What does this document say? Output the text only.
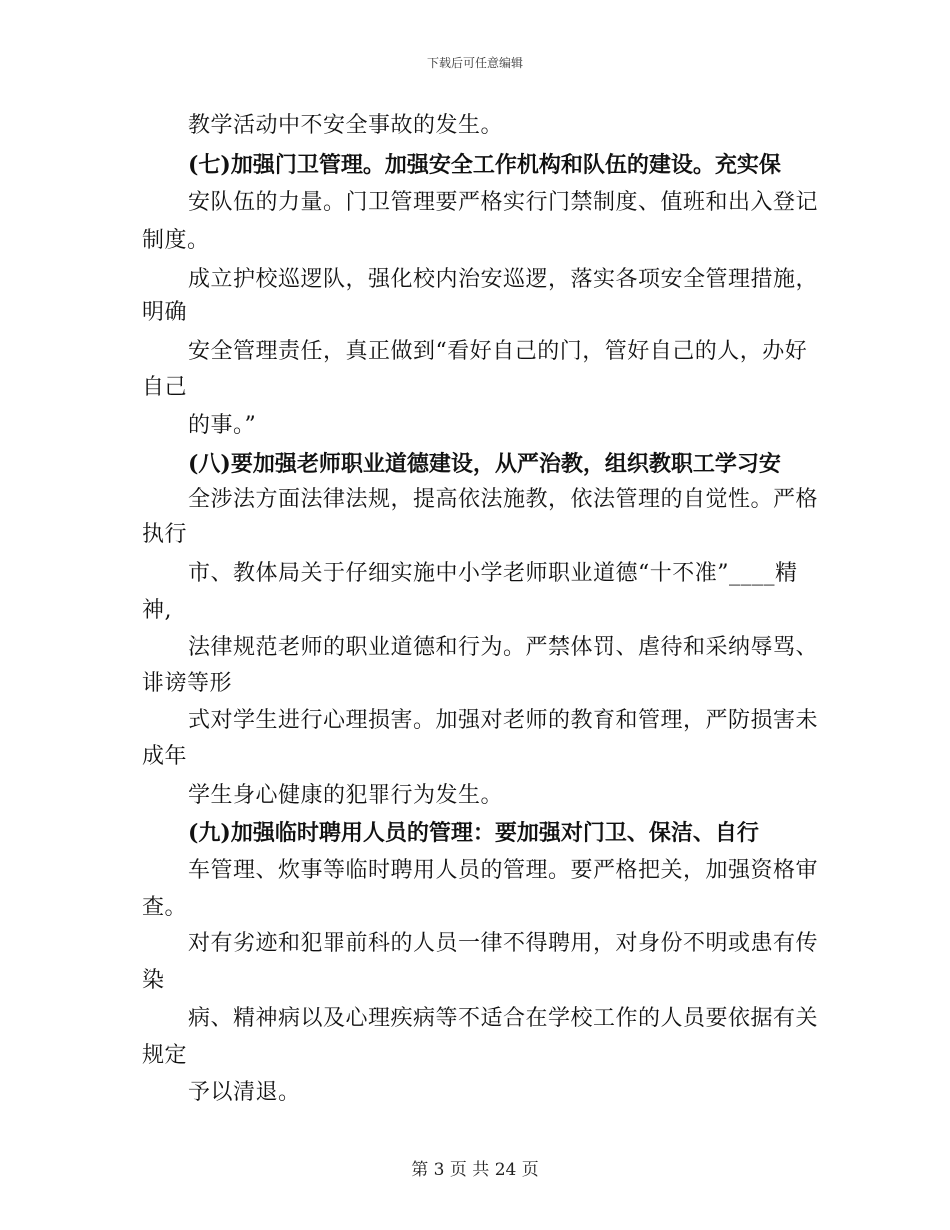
下载后可任意编辑
教学活动中不安全事故的发生。
(七)加强门卫管理。加强安全工作机构和队伍的建设。充实保
安队伍的力量。门卫管理要严格实行门禁制度、值班和出入登记
制度。
成立护校巡逻队，强化校内治安巡逻，落实各项安全管理措施，
明确
安全管理责任，真正做到“看好自己的门，管好自己的人，办好
自己
的事。”
(八)要加强老师职业道德建设，从严治教，组织教职工学习安
全涉法方面法律法规，提高依法施教，依法管理的自觉性。严格
执行
市、教体局关于仔细实施中小学老师职业道德“十不准”____精
神,
法律规范老师的职业道德和行为。严禁体罚、虐待和采纳辱骂、
诽谤等形
式对学生进行心理损害。加强对老师的教育和管理，严防损害未
成年
学生身心健康的犯罪行为发生。
(九)加强临时聘用人员的管理：要加强对门卫、保洁、自行
车管理、炊事等临时聘用人员的管理。要严格把关，加强资格审
查。
对有劣迹和犯罪前科的人员一律不得聘用，对身份不明或患有传
染
病、精神病以及心理疾病等不适合在学校工作的人员要依据有关
规定
予以清退。
第 3 页 共 24 页
